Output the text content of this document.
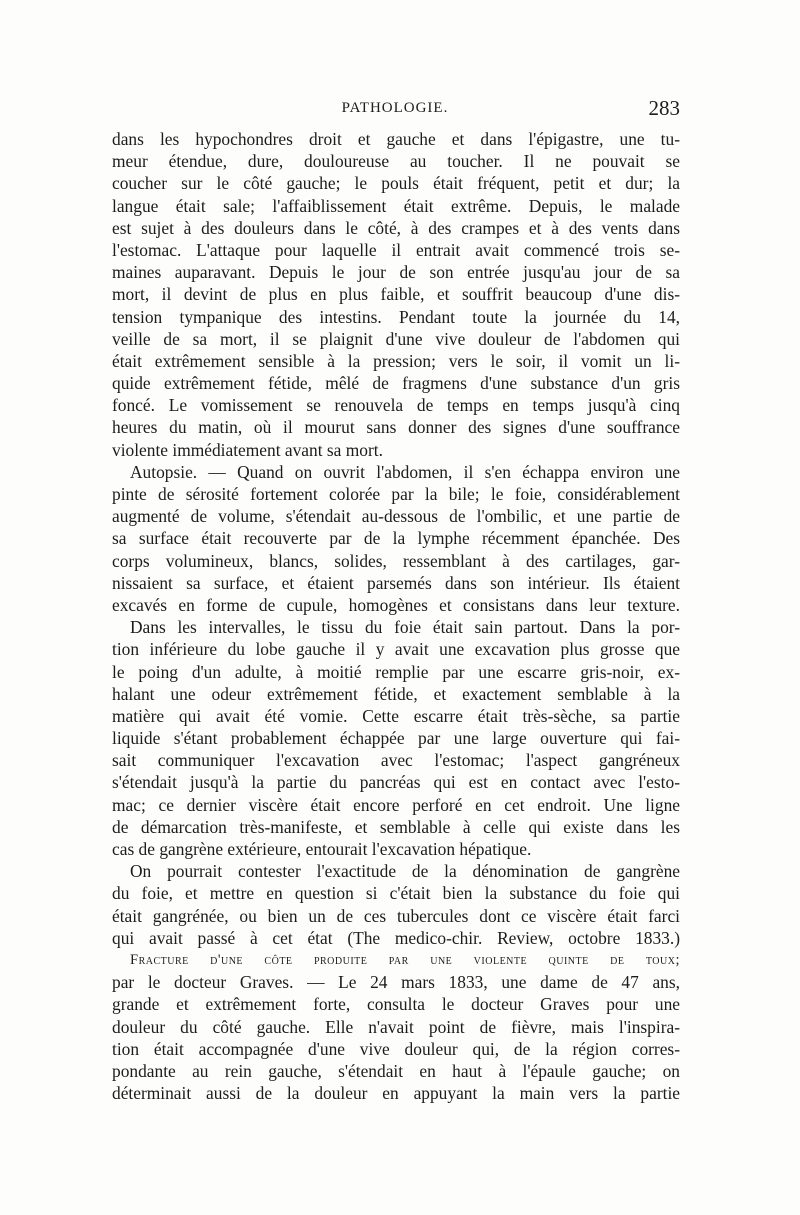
PATHOLOGIE.	283
dans les hypochondres droit et gauche et dans l'épigastre, une tu-
meur étendue, dure, douloureuse au toucher. Il ne pouvait se
coucher sur le côté gauche; le pouls était fréquent, petit et dur; la
langue était sale; l'affaiblissement était extrême. Depuis, le malade
est sujet à des douleurs dans le côté, à des crampes et à des vents dans
l'estomac. L'attaque pour laquelle il entrait avait commencé trois se-
maines auparavant. Depuis le jour de son entrée jusqu'au jour de sa
mort, il devint de plus en plus faible, et souffrit beaucoup d'une dis-
tension tympanique des intestins. Pendant toute la journée du 14,
veille de sa mort, il se plaignit d'une vive douleur de l'abdomen qui
était extrêmement sensible à la pression; vers le soir, il vomit un li-
quide extrêmement fétide, mêlé de fragmens d'une substance d'un gris
foncé. Le vomissement se renouvela de temps en temps jusqu'à cinq
heures du matin, où il mourut sans donner des signes d'une souffrance
violente immédiatement avant sa mort.
Autopsie. — Quand on ouvrit l'abdomen, il s'en échappa environ une
pinte de sérosité fortement colorée par la bile; le foie, considérablement
augmenté de volume, s'étendait au-dessous de l'ombilic, et une partie de
sa surface était recouverte par de la lymphe récemment épanchée. Des
corps volumineux, blancs, solides, ressemblant à des cartilages, gar-
nissaient sa surface, et étaient parsemés dans son intérieur. Ils étaient
excavés en forme de cupule, homogènes et consistans dans leur texture.
Dans les intervalles, le tissu du foie était sain partout. Dans la por-
tion inférieure du lobe gauche il y avait une excavation plus grosse que
le poing d'un adulte, à moitié remplie par une escarre gris-noir, ex-
halant une odeur extrêmement fétide, et exactement semblable à la
matière qui avait été vomie. Cette escarre était très-sèche, sa partie
liquide s'étant probablement échappée par une large ouverture qui fai-
sait communiquer l'excavation avec l'estomac; l'aspect gangréneux
s'étendait jusqu'à la partie du pancréas qui est en contact avec l'esto-
mac; ce dernier viscère était encore perforé en cet endroit. Une ligne
de démarcation très-manifeste, et semblable à celle qui existe dans les
cas de gangrène extérieure, entourait l'excavation hépatique.
On pourrait contester l'exactitude de la dénomination de gangrène
du foie, et mettre en question si c'était bien la substance du foie qui
était gangrénée, ou bien un de ces tubercules dont ce viscère était farci
qui avait passé à cet état (The medico-chir. Review, octobre 1833.)
Fracture d'une côte produite par une violente quinte de toux;
par le docteur Graves. — Le 24 mars 1833, une dame de 47 ans,
grande et extrêmement forte, consulta le docteur Graves pour une
douleur du côté gauche. Elle n'avait point de fièvre, mais l'inspira-
tion était accompagnée d'une vive douleur qui, de la région corres-
pondante au rein gauche, s'étendait en haut à l'épaule gauche; on
déterminait aussi de la douleur en appuyant la main vers la partie
